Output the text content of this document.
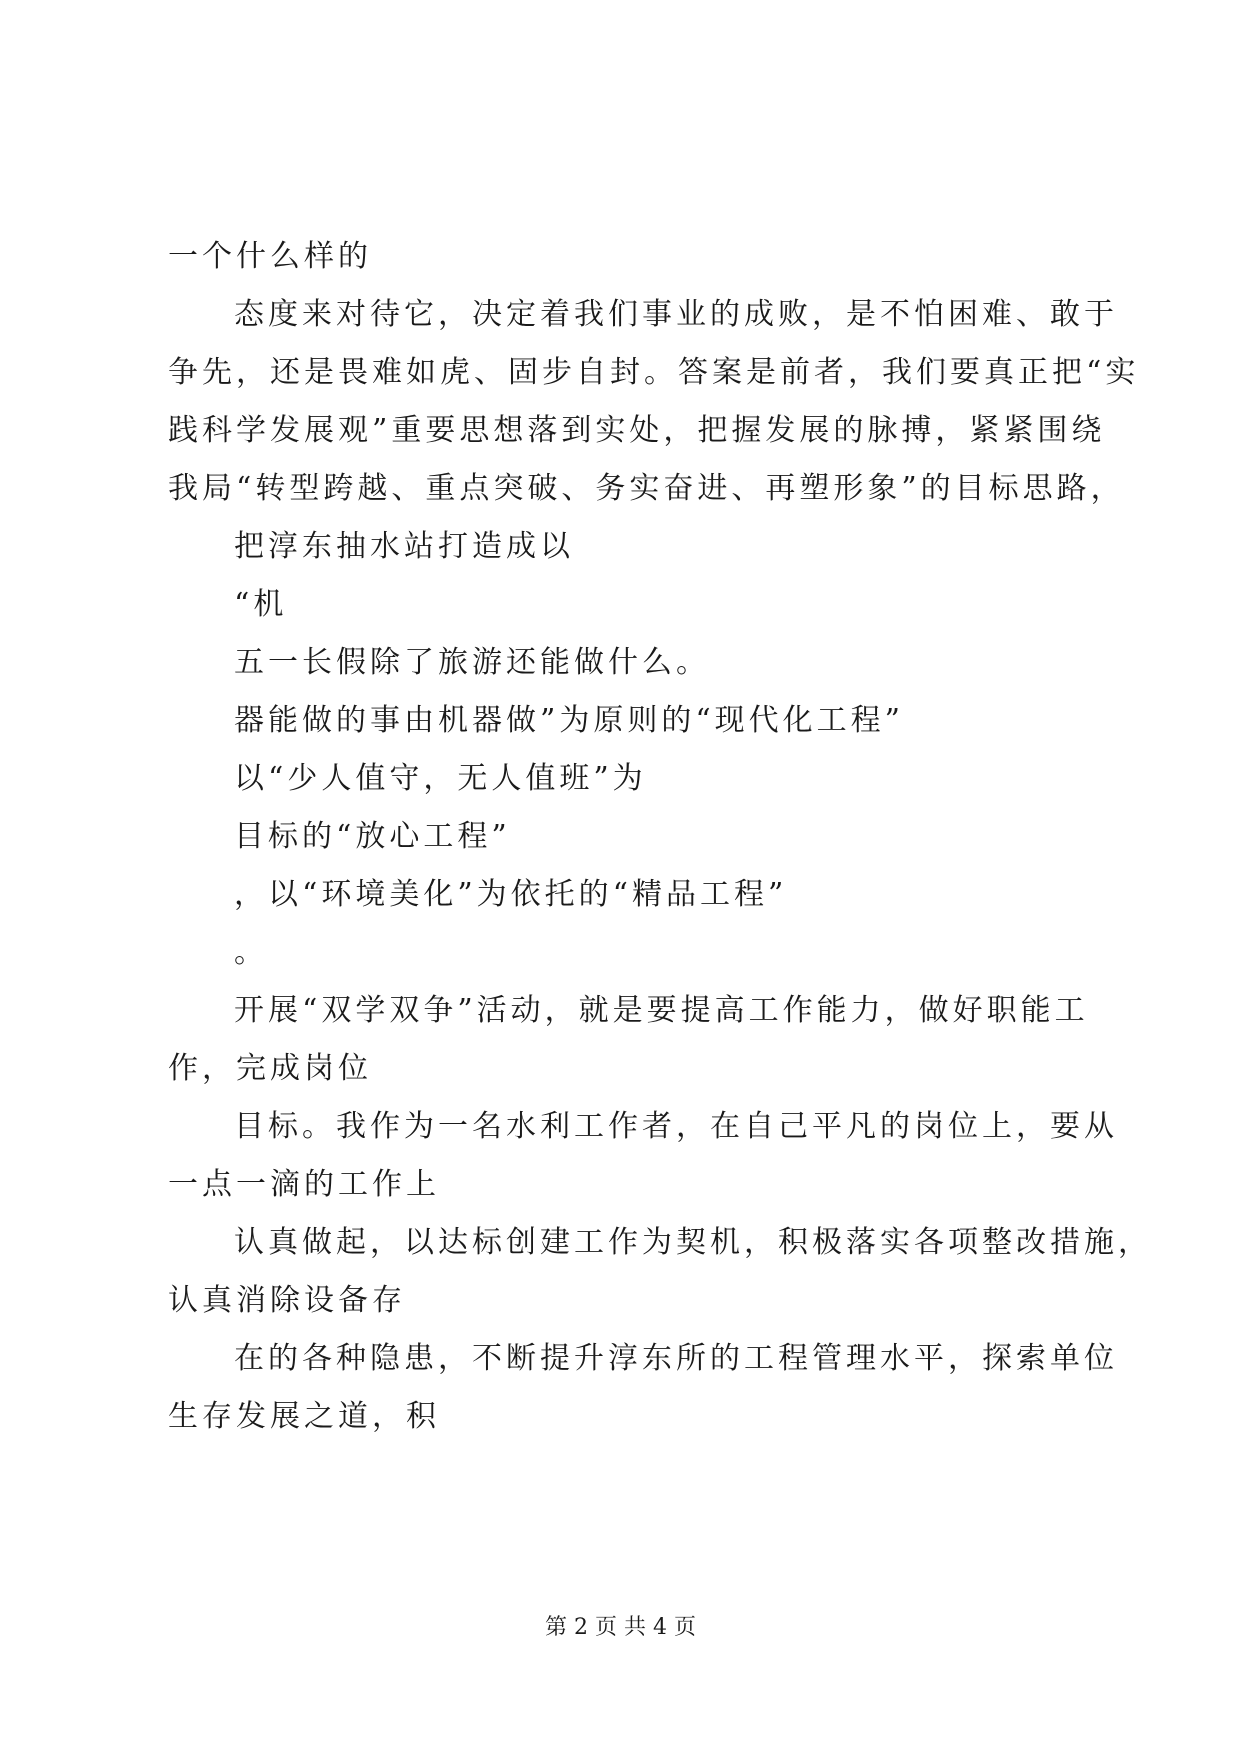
一个什么样的
态度来对待它，决定着我们事业的成败，是不怕困难、敢于
争先，还是畏难如虎、固步自封。答案是前者，我们要真正把“实
践科学发展观”重要思想落到实处，把握发展的脉搏，紧紧围绕
我局“转型跨越、重点突破、务实奋进、再塑形象”的目标思路，
把淳东抽水站打造成以
“机
五一长假除了旅游还能做什么。
器能做的事由机器做”为原则的“现代化工程”
以“少人值守，无人值班”为
目标的“放心工程”
，以“环境美化”为依托的“精品工程”
。
开展“双学双争”活动，就是要提高工作能力，做好职能工
作，完成岗位
目标。我作为一名水利工作者，在自己平凡的岗位上，要从
一点一滴的工作上
认真做起，以达标创建工作为契机，积极落实各项整改措施，
认真消除设备存
在的各种隐患，不断提升淳东所的工程管理水平，探索单位
生存发展之道，积
第 2 页 共 4 页
